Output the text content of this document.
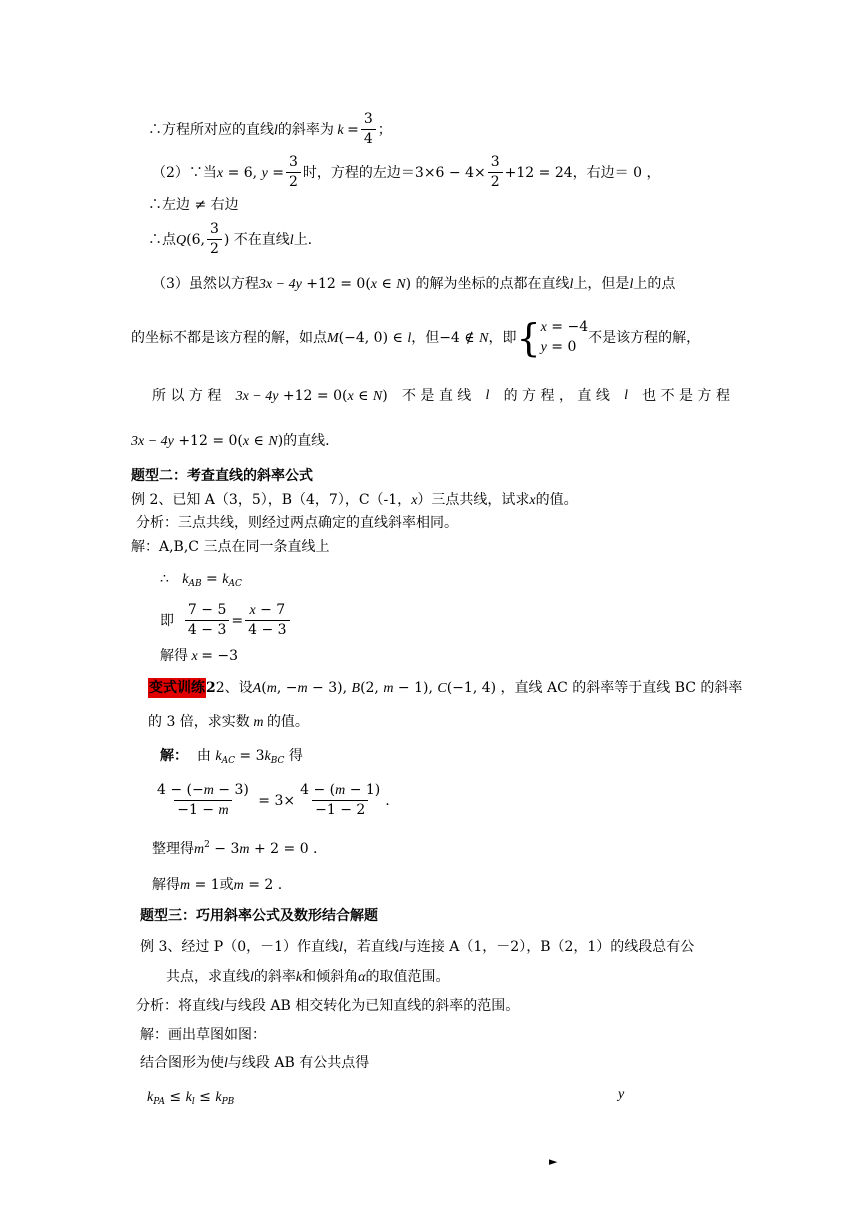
∴方程所对应的直线l的斜率为 $k = \frac{3}{4}$ ；
（2）∵当x = 6, $y = \frac{3}{2}$ 时，方程的左边$=3\times 6 - 4\times \frac{3}{2} +12 = 24$，右边＝ 0 ，
∴左边 ≠ 右边
∴点Q(6, $\frac{3}{2}$ ) 不在直线l上.
（3）虽然以方程3x − 4y +12 = 0(x ∈ N) 的解为坐标的点都在直线l上，但是l上的点
的坐标不都是该方程的解，如点M(−4, 0) ∈ l，但−4 ∉ N，即{ x = −4
y = 0
不是该方程的解，
所 以 方 程 3x − 4y +12 = 0(x ∈ N) 不 是 直 线 l 的 方 程 ， 直 线 l 也 不 是 方 程
3x − 4y +12 = 0(x ∈ N)的直线.
题型二：考查直线的斜率公式
例 2、已知 A（3，5），B（4，7），C（-1，x）三点共线，试求x的值。
分析：三点共线，则经过两点确定的直线斜率相同。
解：A,B,C 三点在同一条直线上
∴   $k_{AB} = k_{AC}$
即 $\frac{7 - 5}{4 - 3} = \frac{x - 7}{4 - 3}$
解得 x = −3
变式训练22、设A(m, −m − 3), B(2, m − 1), C(−1, 4) ，直线 AC 的斜率等于直线 BC 的斜率
的 3 倍，求实数 m 的值。
解： 由 $k_{AC} = 3k_{BC}$ 得
$\frac{4 - (-m - 3)}{-1 - m} = 3\times \frac{4 - (m - 1)}{-1 - 2}$ .
整理得$m^2 - 3m + 2 = 0$ .
解得m = 1或m = 2 .
题型三：巧用斜率公式及数形结合解题
例 3、经过 P（0，－1）作直线l，若直线l与连接 A（1，－2），B（2，1）的线段总有公
共点，求直线l的斜率k和倾斜角α的取值范围。
分析：将直线l与线段 AB 相交转化为已知直线的斜率的范围。
解：画出草图如图：
结合图形为使l与线段 AB 有公共点得
$k_{PA} \le k_l \le k_{PB}$	y
►
